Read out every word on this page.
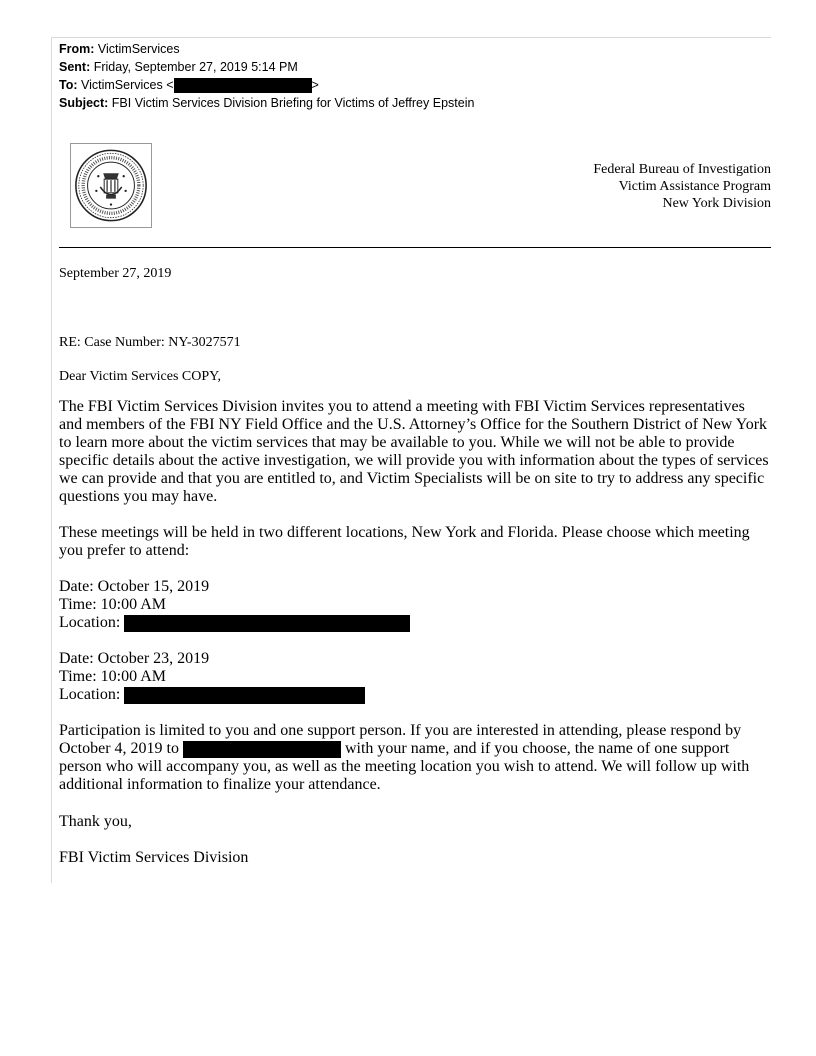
From: VictimServices
Sent: Friday, September 27, 2019 5:14 PM
To: VictimServices <	>
Subject: FBI Victim Services Division Briefing for Victims of Jeffrey Epstein
Federal Bureau of Investigation
Victim Assistance Program
New York Division
September 27, 2019
RE: Case Number: NY-3027571
Dear Victim Services COPY,
The FBI Victim Services Division invites you to attend a meeting with FBI Victim Services representatives
and members of the FBI NY Field Office and the U.S. Attorney’s Office for the Southern District of New York
to learn more about the victim services that may be available to you. While we will not be able to provide
specific details about the active investigation, we will provide you with information about the types of services
we can provide and that you are entitled to, and Victim Specialists will be on site to try to address any specific
questions you may have.
These meetings will be held in two different locations, New York and Florida. Please choose which meeting
you prefer to attend:
Date: October 15, 2019
Time: 10:00 AM
Location:
Date: October 23, 2019
Time: 10:00 AM
Location:
Participation is limited to you and one support person. If you are interested in attending, please respond by
October 4, 2019 to	with your name, and if you choose, the name of one support
person who will accompany you, as well as the meeting location you wish to attend. We will follow up with
additional information to finalize your attendance.
Thank you,
FBI Victim Services Division
